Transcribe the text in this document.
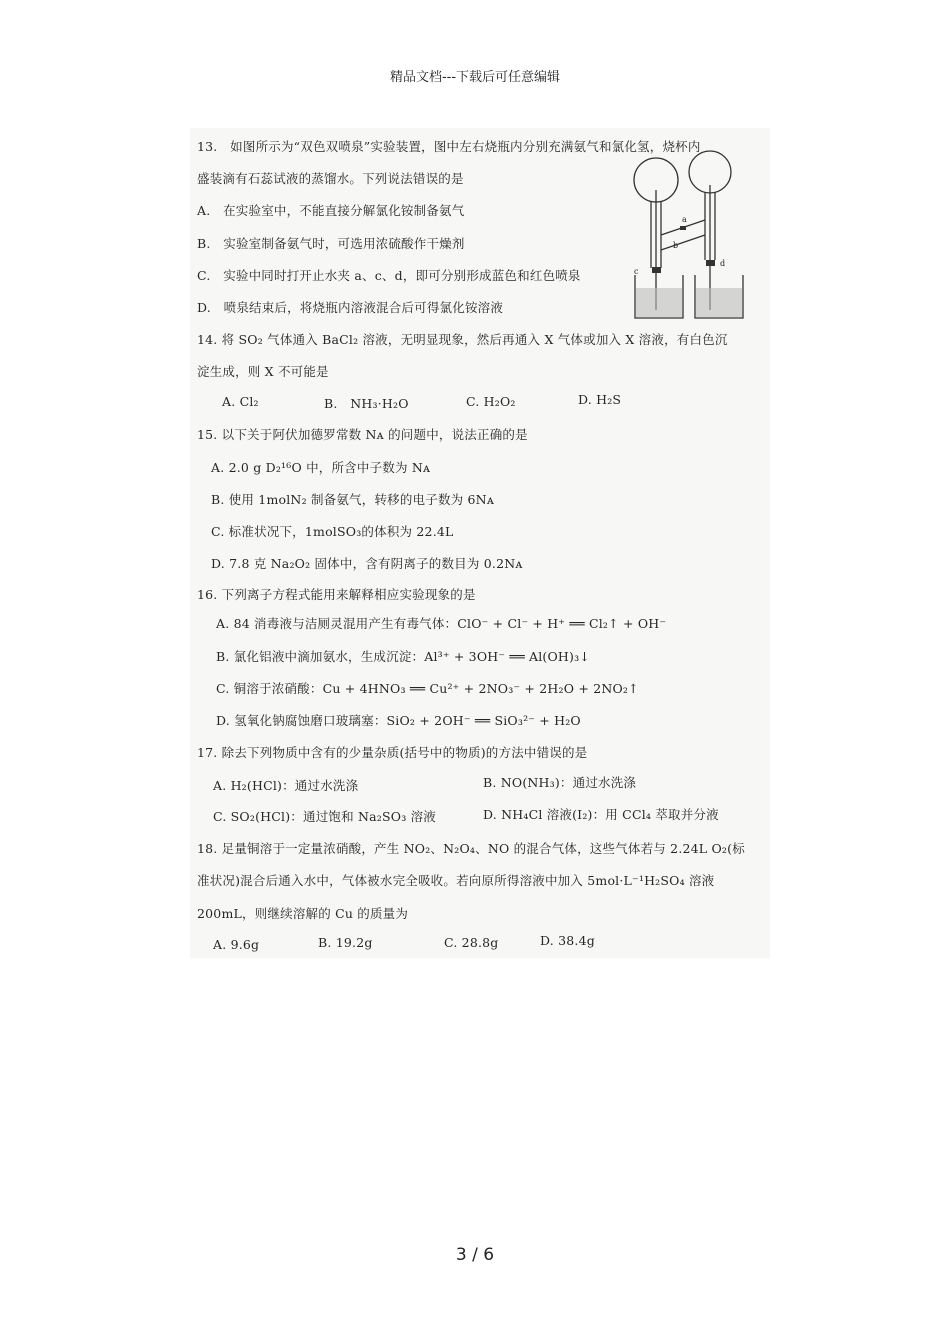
精品文档---下载后可任意编辑
13.　如图所示为“双色双喷泉”实验装置，图中左右烧瓶内分别充满氨气和氯化氢，烧杯内
盛装滴有石蕊试液的蒸馏水。下列说法错误的是
A.　在实验室中，不能直接分解氯化铵制备氨气
B.　实验室制备氨气时，可选用浓硫酸作干燥剂
C.　实验中同时打开止水夹 a、c、d，即可分别形成蓝色和红色喷泉
D.　喷泉结束后，将烧瓶内溶液混合后可得氯化铵溶液
a
b
c
d
14. 将 SO₂ 气体通入 BaCl₂ 溶液，无明显现象，然后再通入 X 气体或加入 X 溶液，有白色沉
淀生成，则 X 不可能是
A. Cl₂	B.　NH₃·H₂O	C. H₂O₂	D. H₂S
15. 以下关于阿伏加德罗常数 Nᴀ 的问题中，说法正确的是
A. 2.0 g D₂¹⁶O 中，所含中子数为 Nᴀ
B. 使用 1molN₂ 制备氨气，转移的电子数为 6Nᴀ
C. 标准状况下，1molSO₃的体积为 22.4L
D. 7.8 克 Na₂O₂ 固体中，含有阴离子的数目为 0.2Nᴀ
16. 下列离子方程式能用来解释相应实验现象的是
A. 84 消毒液与洁厕灵混用产生有毒气体：ClO⁻ + Cl⁻ + H⁺ ══ Cl₂↑ + OH⁻
B. 氯化铝液中滴加氨水，生成沉淀：Al³⁺ + 3OH⁻ ══ Al(OH)₃↓
C. 铜溶于浓硝酸：Cu + 4HNO₃ ══ Cu²⁺ + 2NO₃⁻ + 2H₂O + 2NO₂↑
D. 氢氧化钠腐蚀磨口玻璃塞：SiO₂ + 2OH⁻ ══ SiO₃²⁻ + H₂O
17. 除去下列物质中含有的少量杂质(括号中的物质)的方法中错误的是
A. H₂(HCl)：通过水洗涤	B. NO(NH₃)：通过水洗涤
C. SO₂(HCl)：通过饱和 Na₂SO₃ 溶液	D. NH₄Cl 溶液(I₂)：用 CCl₄ 萃取并分液
18. 足量铜溶于一定量浓硝酸，产生 NO₂、N₂O₄、NO 的混合气体，这些气体若与 2.24L O₂(标
准状况)混合后通入水中，气体被水完全吸收。若向原所得溶液中加入 5mol·L⁻¹H₂SO₄ 溶液
200mL，则继续溶解的 Cu 的质量为
A. 9.6g	B. 19.2g	C. 28.8g	D. 38.4g
3 / 6
